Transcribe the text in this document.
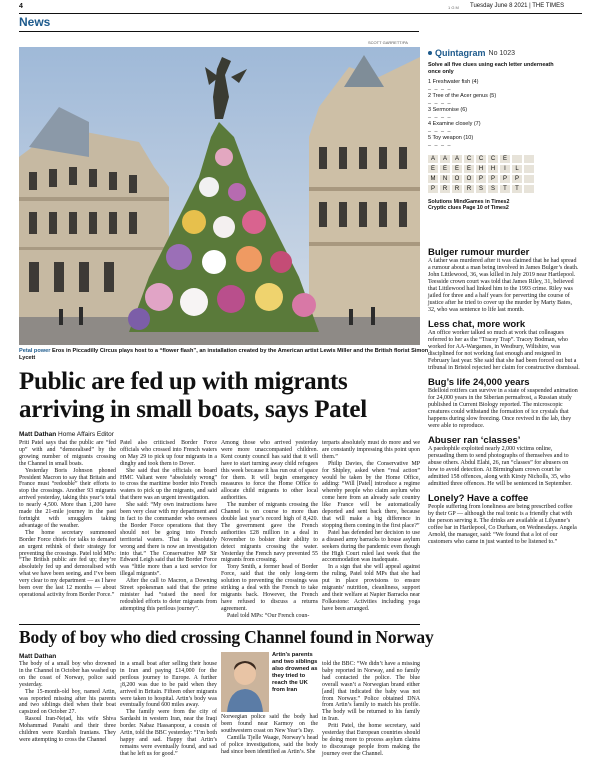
4	1 G M Tuesday June 8 2021 | THE TIMES
News
SCOTT GARRETT/PA
Petal power Eros in Piccadilly Circus plays host to a “flower flash”, an installation created by the American artist Lewis Miller and the British florist Simon Lycett
Quintagram No 1023
Solve all five clues using each letter underneath once only
1 Freshwater fish (4)
_ _ _ _
2 Tree of the Acer genus (5)
_ _ _ _
3 Sermonise (6)
_ _ _ _
4 Examine closely (7)
_ _ _ _
5 Toy weapon (10)
_ _ _ _
A	A	A	C	C	C	E
E	E	E	E	H	H	I	L
M	N	O	O	P	P	P	P
P	R	R	R	S	S	T	T
Solutions MindGames in Times2
Cryptic clues Page 10 of Times2
Bulger rumour murder
A father was murdered after it was claimed that he had spread a rumour about a man being involved in James Bulger’s death. John Littlewood, 36, was killed in July 2019 near Hartlepool. Teesside crown court was told that James Riley, 31, believed that Littlewood had linked him to the 1993 crime. Riley was jailed for three and a half years for perverting the course of justice after he tried to cover up the murder by Marty Bates, 32, who was sentence to life last month.
Less chat, more work
An office worker talked so much at work that colleagues referred to her as the “Tracey Trap”. Tracey Bodman, who worked for AA-Wargames, in Westbury, Wiltshire, was disciplined for not working fast enough and resigned in February last year. She said that she had been forced out but a tribunal in Bristol rejected her claim for constructive dismissal.
Bug’s life 24,000 years
Bdelloid rotifers can survive in a state of suspended animation for 24,000 years in the Siberian permafrost, a Russian study published in Current Biology reported. The microscopic creatures could withstand the formation of ice crystals that happens during slow freezing. Once revived in the lab, they were able to reproduce.
Abuser ran ‘classes’
A paedophile exploited nearly 2,000 victims online, persuading them to send photographs of themselves and to abuse others. Abdul Elahi, 26, ran “classes” for abusers on how to avoid detection. At Birmingham crown court he admitted 158 offences, along with Kirsty Nicholls, 35, who admitted three offences. He will be sentenced in September.
Lonely? Have a coffee
People suffering from loneliness are being prescribed coffee by their GP — although the real tonic is a friendly chat with the person serving it. The drinks are available at Lilyanne’s coffee bar in Hartlepool, Co Durham, on Wednesdays. Angela Arnold, the manager, said: “We found that a lot of our customers who came in just wanted to be listened to.”
Public are fed up with migrants arriving in small boats, says Patel
Matt Dathan Home Affairs Editor

Priti Patel says that the public are “fed up” with and “demoralised” by the growing number of migrants crossing the Channel in small boats.

Yesterday Boris Johnson phoned President Macron to say that Britain and France must “redouble” their efforts to stop the crossings. Another 93 migrants arrived yesterday, taking this year’s total to nearly 4,500. More than 1,200 have made the 21-mile journey in the past fortnight with smugglers taking advantage of the weather.

The home secretary summoned Border Force chiefs for talks to demand an urgent rethink of their strategy for preventing the crossings. Patel told MPs: “The British public are fed up; they’re absolutely fed up and demoralised with what we have been seeing, and I’ve been very clear to my department — as I have been over the last 12 months — about operational activity from Border Force.”

Patel also criticised Border Force officials who crossed into French waters on May 29 to pick up four migrants in a dinghy and took them to Dover.

She said that the officials on board HMC Valiant were “absolutely wrong” to cross the maritime border into French waters to pick up the migrants, and said that there was an urgent investigation.

She said: “My own instructions have been very clear with my department and in fact to the commander who oversees the Border Force operations that they should not be going into French territorial waters. That is absolutely wrong and there is now an investigation into that.” The Conservative MP Sir Edward Leigh said that the Border Force was “little more than a taxi service for illegal migrants”.

After the call to Macron, a Downing Street spokesman said that the prime minister had “raised the need for redoubled efforts to deter migrants from attempting this perilous journey”.

Among those who arrived yesterday were more unaccompanied children. Kent county council has said that it will have to start turning away child refugees this week because it has run out of space for them. It will begin emergency measures to force the Home Office to allocate child migrants to other local authorities.

The number of migrants crossing the Channel is on course to more than double last year’s record high of 8,420. The government gave the French authorities £28 million in a deal in November to bolster their ability to detect migrants crossing the water. Yesterday the French navy prevented 55 migrants from crossing.

Tony Smith, a former head of Border Force, said that the only long-term solution to preventing the crossings was striking a deal with the French to take migrants back. However, the French have refused to discuss a returns agreement.

Patel told MPs: “Our French coun-

terparts absolutely must do more and we are constantly impressing this point upon them.”

Philip Davies, the Conservative MP for Shipley, asked when “real action” would be taken by the Home Office, adding: “Will [Patel] introduce a regime whereby people who claim asylum who come here from an already safe country like France will be automatically deported and sent back there, because that will make a big difference in stopping them coming in the first place?”

Patel has defended her decision to use a disused army barracks to house asylum seekers during the pandemic even though the High Court ruled last week that the accommodation was inadequate.

In a sign that she will appeal against the ruling, Patel told MPs that she had put in place provisions to ensure migrants’ nutrition, cleanliness, support and their welfare at Napier Barracks near Folkestone: Activities including yoga have been arranged.

Body of boy who died crossing Channel found in Norway
Matt Dathan

The body of a small boy who drowned in the Channel in October has washed up on the coast of Norway, police said yesterday.

The 15-month-old boy, named Artin, was reported missing after his parents and two siblings died when their boat capsized on October 27.

Rasoul Iran-Nejad, his wife Shiva Mohammad Panahi and their three children were Kurdish Iranians. They were attempting to cross the Channel

in a small boat after selling their house in Iran and paying £14,000 for the perilous journey to Europe. A further ¡8,200 was due to be paid when they arrived in Britain. Fifteen other migrants were taken to hospital. Artin’s body was eventually found 600 miles away.

The family were from the city of Sardasht in western Iran, near the Iraqi border. Nabaz Hassanpour, a cousin of Artin, told the BBC yesterday: “I’m both happy and sad. Happy that Artin’s remains were eventually found, and sad that he left us for good.”

Artin’s parents and two siblings also drowned as they tried to reach the UK from Iran

Norwegian police said the body had been found near Karmoy on the southwestern coast on New Year’s Day.

Camilla Tjelle Waage, Norway’s head of police investigations, said the body had since been identified as Artin’s. She

told the BBC: “We didn’t have a missing baby reported in Norway, and no family had contacted the police. The blue overall wasn’t a Norwegian brand either [and] that indicated the baby was not from Norway.” Police obtained DNA from Artin’s family to match his profile. The body will be returned to his family in Iran.

Priti Patel, the home secretary, said yesterday that European countries should be doing more to process asylum claims to discourage people from making the journey over the Channel.
